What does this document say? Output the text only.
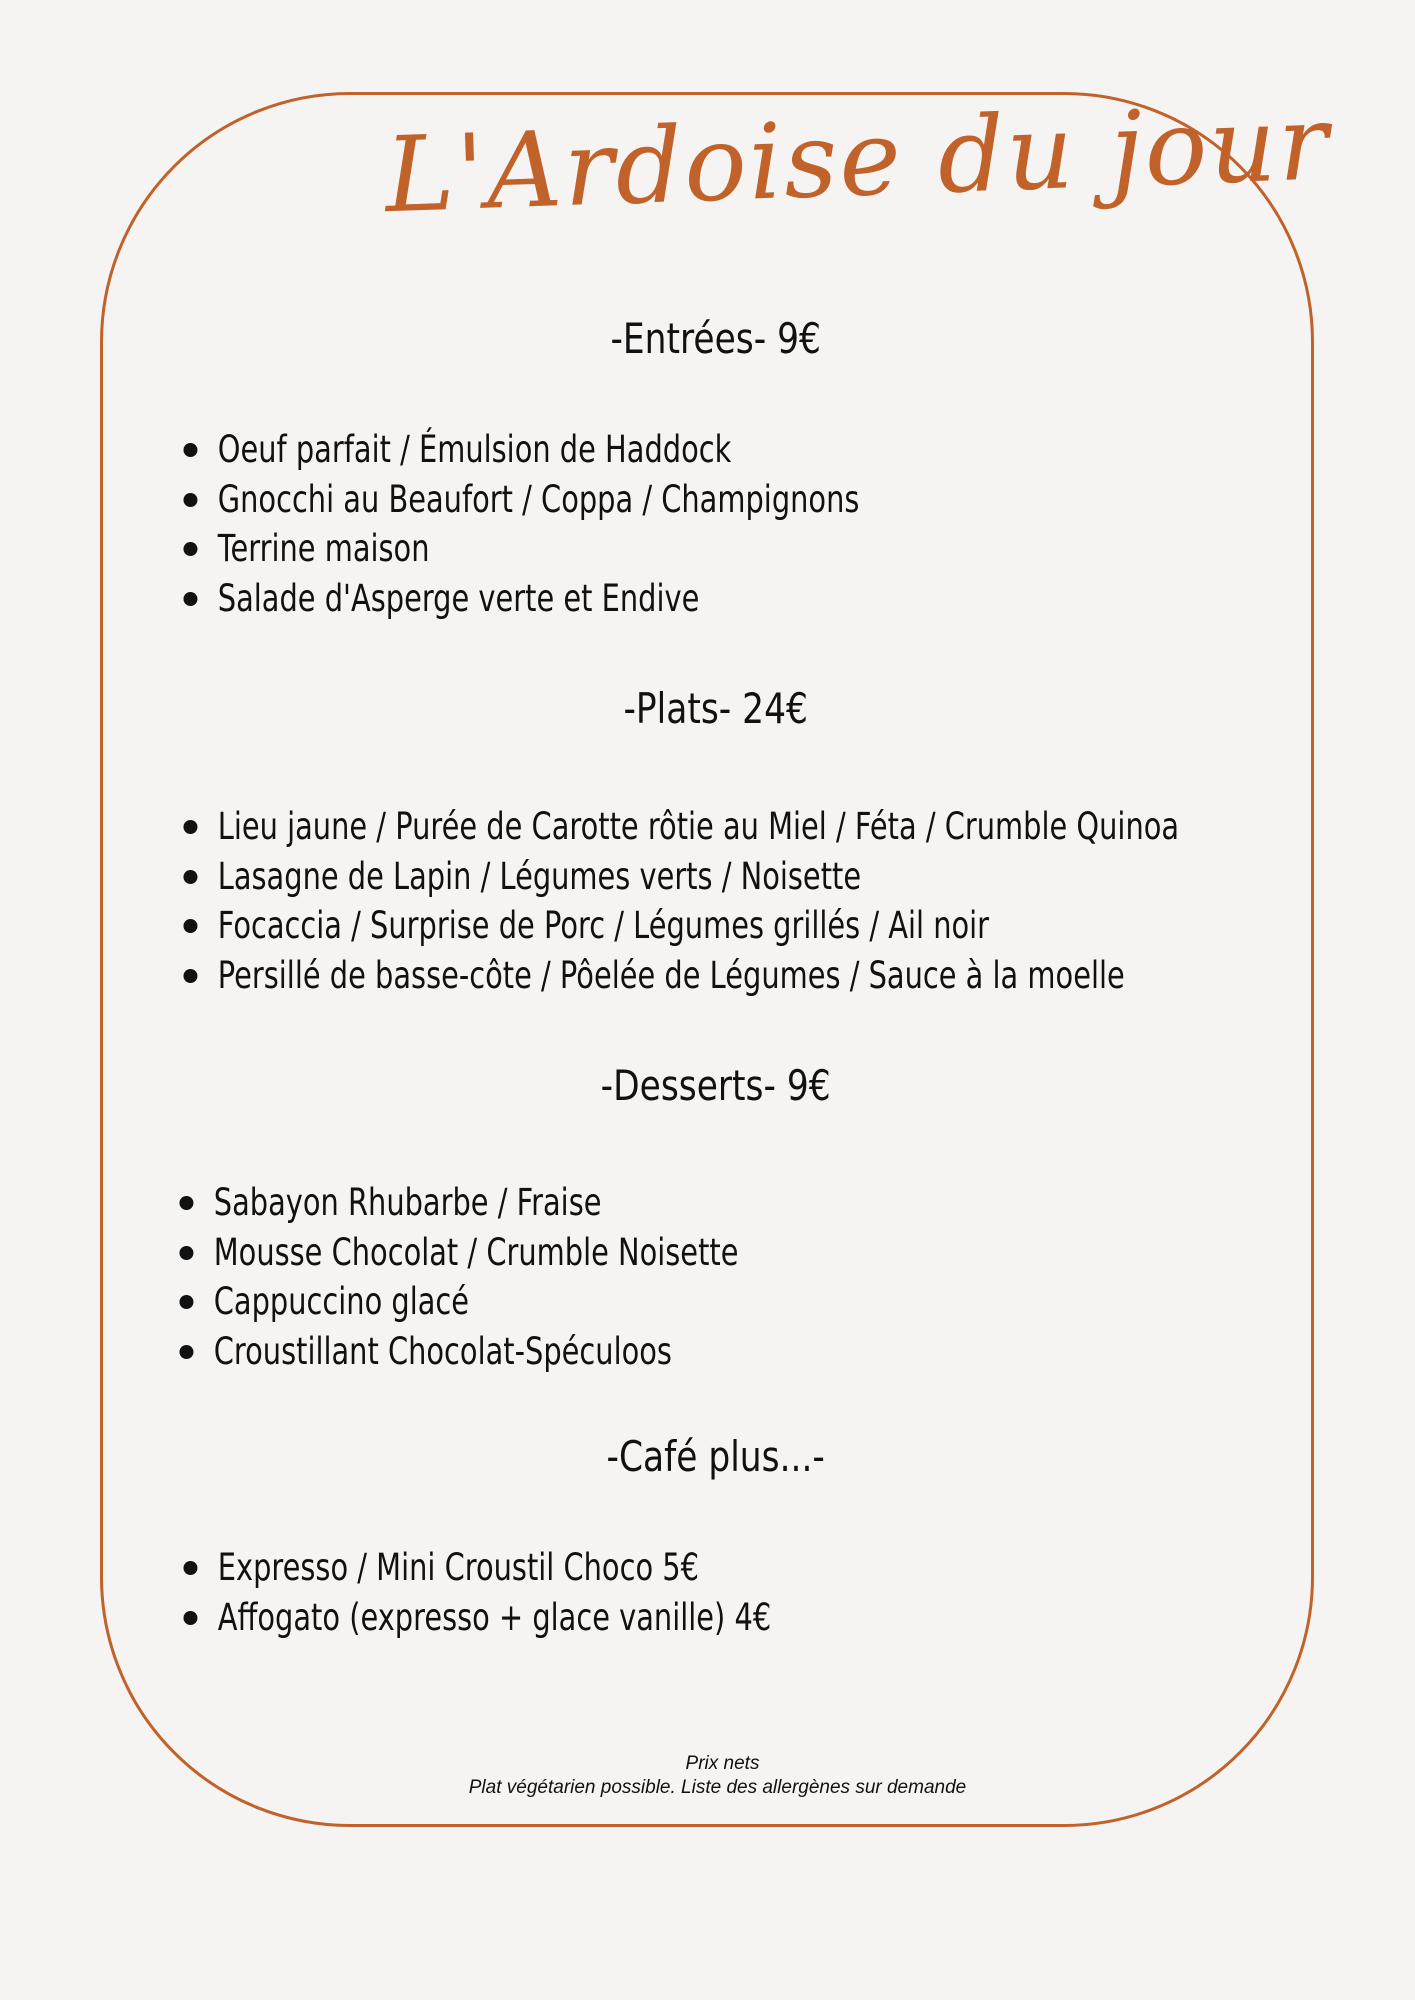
L'Ardoise du jour
-Entrées- 9€
Oeuf parfait / Émulsion de Haddock
Gnocchi au Beaufort / Coppa / Champignons
Terrine maison
Salade d'Asperge verte et Endive
-Plats- 24€
Lieu jaune / Purée de Carotte rôtie au Miel / Féta / Crumble Quinoa
Lasagne de Lapin / Légumes verts / Noisette
Focaccia / Surprise de Porc / Légumes grillés / Ail noir
Persillé de basse-côte / Pôelée de Légumes / Sauce à la moelle
-Desserts- 9€
Sabayon Rhubarbe / Fraise
Mousse Chocolat / Crumble Noisette
Cappuccino glacé
Croustillant Chocolat-Spéculoos
-Café plus...-
Expresso / Mini Croustil Choco 5€
Affogato (expresso + glace vanille) 4€
Prix nets
Plat végétarien possible. Liste des allergènes sur demande
